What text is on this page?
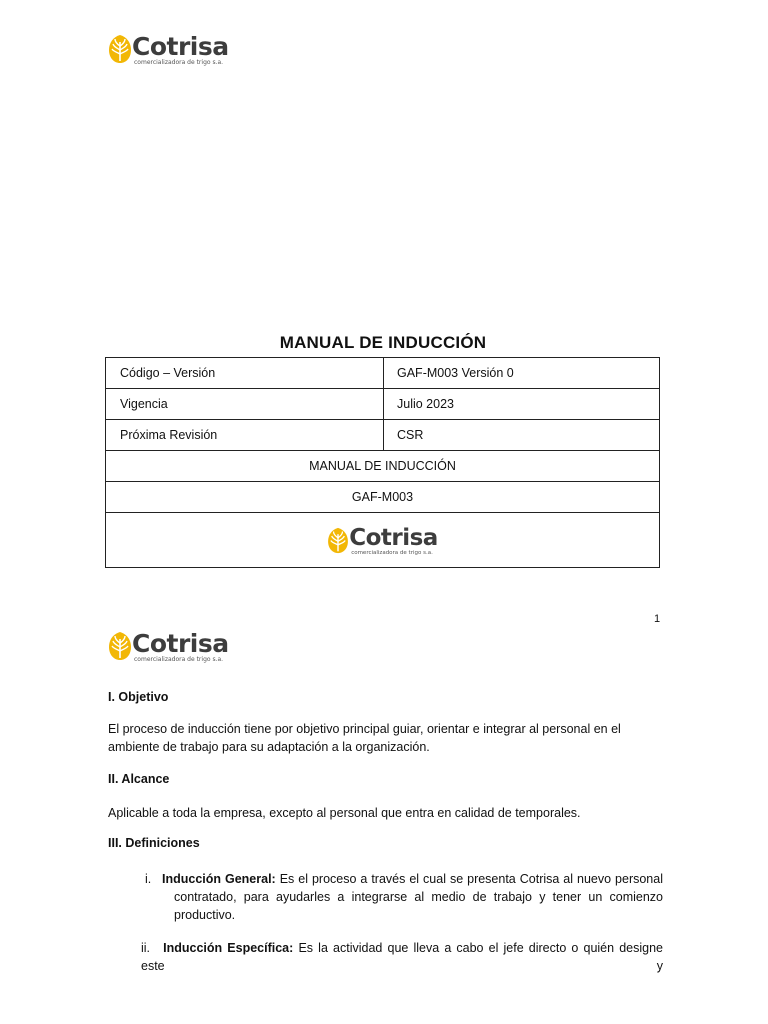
Cotrisa
comercializadora de trigo s.a.
MANUAL DE INDUCCIÓN
Código – Versión	GAF-M003 Versión 0
Vigencia	Julio 2023
Próxima Revisión	CSR
MANUAL DE INDUCCIÓN	
GAF-M003	

Cotrisa
comercializadora de trigo s.a.	
1
Cotrisa
comercializadora de trigo s.a.
I. Objetivo
El proceso de inducción tiene por objetivo principal guiar, orientar e integrar al personal en el ambiente de trabajo para su adaptación a la organización.
II. Alcance
Aplicable a toda la empresa, excepto al personal que entra en calidad de temporales.
III. Definiciones
i. Inducción General: Es el proceso a través el cual se presenta Cotrisa al nuevo personal
contratado, para ayudarles a integrarse al medio de trabajo y tener un comienzo productivo.
ii. Inducción Específica: Es la actividad que lleva a cabo el jefe directo o quién designe este y
